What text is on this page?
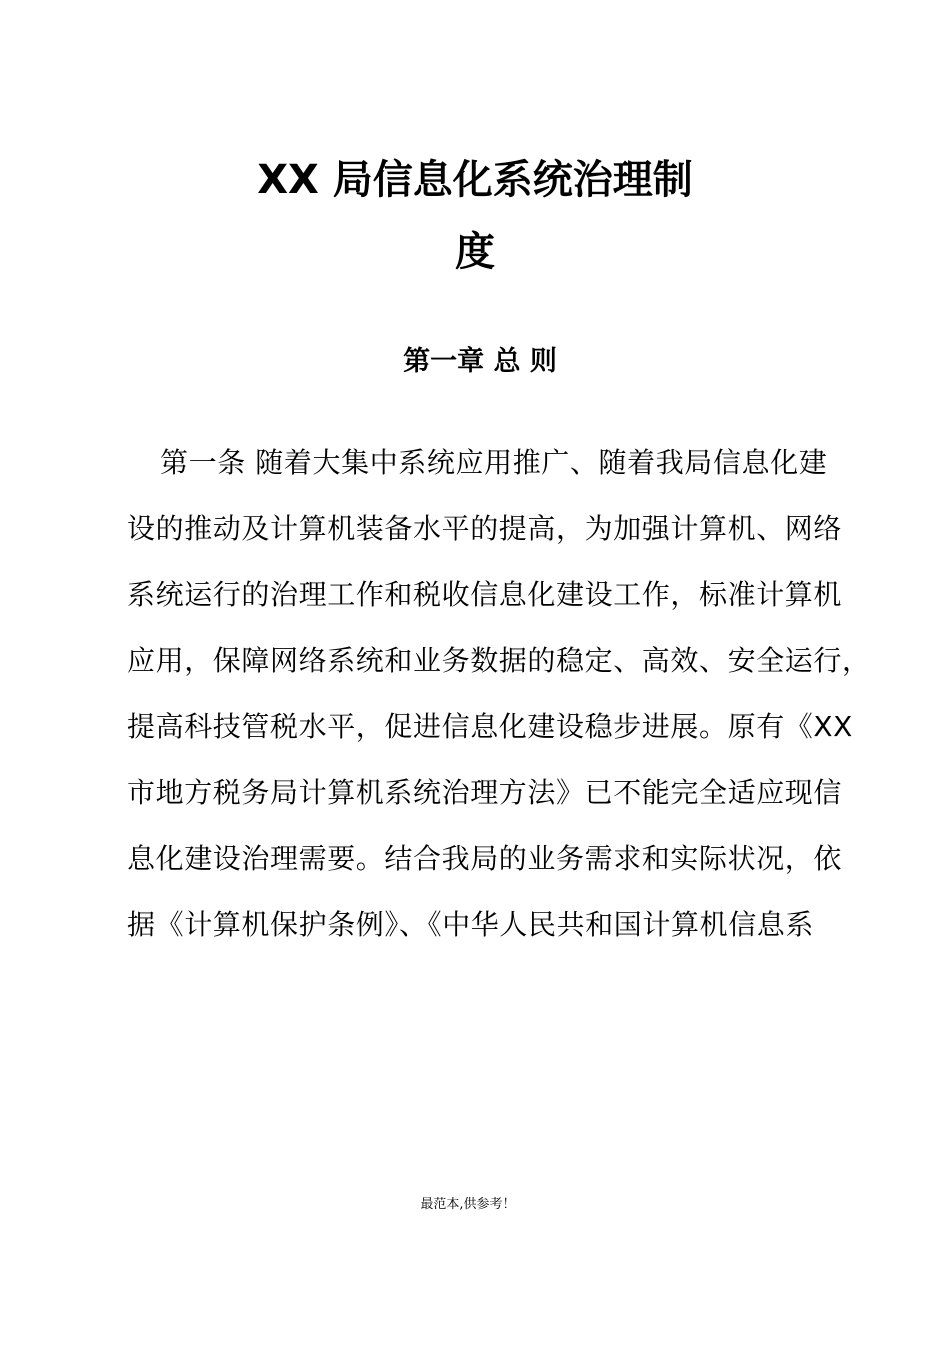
XX 局信息化系统治理制
度
第一章 总 则
第一条 随着大集中系统应用推广、随着我局信息化建
设的推动及计算机装备水平的提高，为加强计算机、网络
系统运行的治理工作和税收信息化建设工作，标准计算机
应用，保障网络系统和业务数据的稳定、高效、安全运行，
提高科技管税水平，促进信息化建设稳步进展。原有《XX
市地方税务局计算机系统治理方法》已不能完全适应现信
息化建设治理需要。结合我局的业务需求和实际状况，依
据《计算机保护条例》、《中华人民共和国计算机信息系
最范本,供参考！
